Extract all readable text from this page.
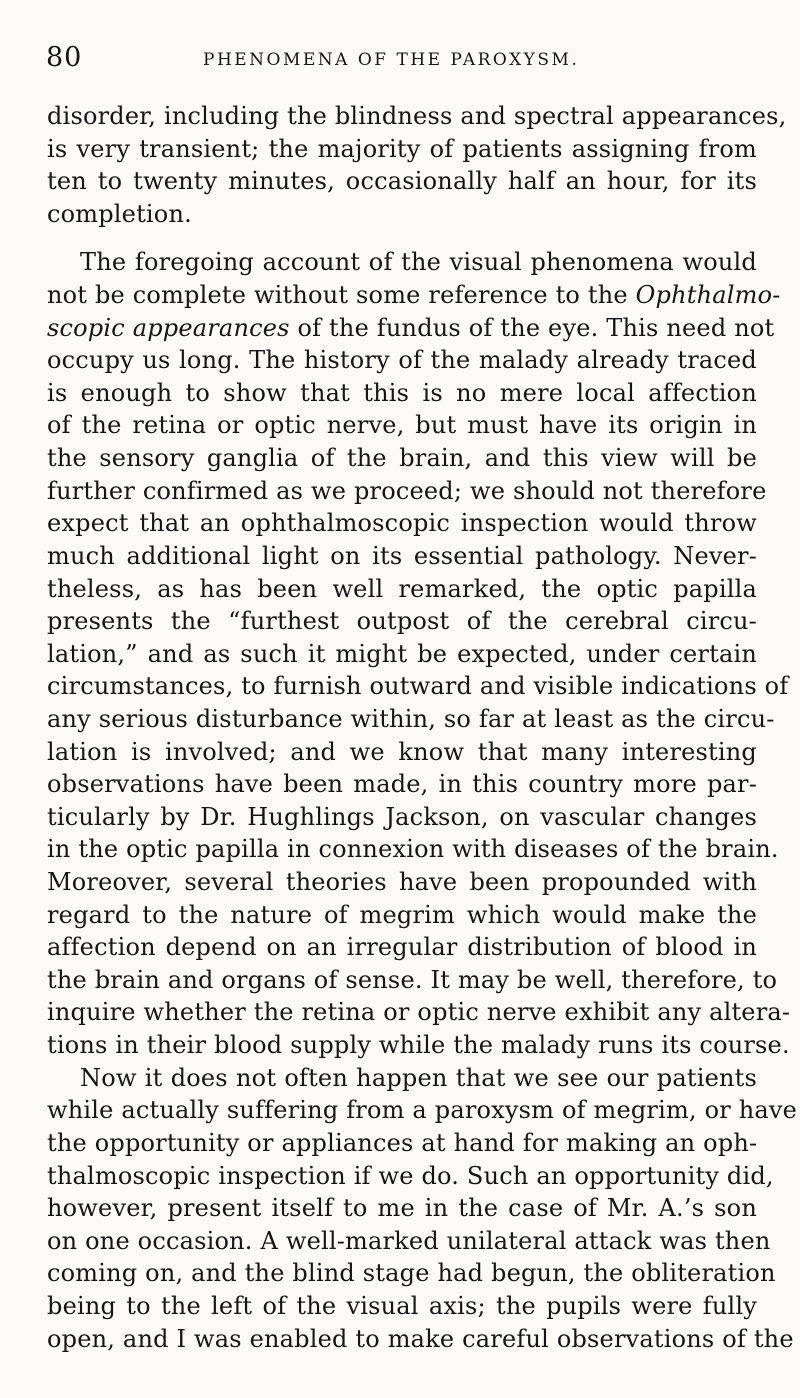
80	PHENOMENA OF THE PAROXYSM.
disorder, including the blindness and spectral appearances,
is very transient; the majority of patients assigning from
ten to twenty minutes, occasionally half an hour, for its
completion.
The foregoing account of the visual phenomena would
not be complete without some reference to the Ophthalmo-
scopic appearances of the fundus of the eye. This need not
occupy us long. The history of the malady already traced
is enough to show that this is no mere local affection
of the retina or optic nerve, but must have its origin in
the sensory ganglia of the brain, and this view will be
further confirmed as we proceed; we should not therefore
expect that an ophthalmoscopic inspection would throw
much additional light on its essential pathology. Never-
theless, as has been well remarked, the optic papilla
presents the “furthest outpost of the cerebral circu-
lation,” and as such it might be expected, under certain
circumstances, to furnish outward and visible indications of
any serious disturbance within, so far at least as the circu-
lation is involved; and we know that many interesting
observations have been made, in this country more par-
ticularly by Dr. Hughlings Jackson, on vascular changes
in the optic papilla in connexion with diseases of the brain.
Moreover, several theories have been propounded with
regard to the nature of megrim which would make the
affection depend on an irregular distribution of blood in
the brain and organs of sense. It may be well, therefore, to
inquire whether the retina or optic nerve exhibit any altera-
tions in their blood supply while the malady runs its course.
Now it does not often happen that we see our patients
while actually suffering from a paroxysm of megrim, or have
the opportunity or appliances at hand for making an oph-
thalmoscopic inspection if we do. Such an opportunity did,
however, present itself to me in the case of Mr. A.’s son
on one occasion. A well-marked unilateral attack was then
coming on, and the blind stage had begun, the obliteration
being to the left of the visual axis; the pupils were fully
open, and I was enabled to make careful observations of the
